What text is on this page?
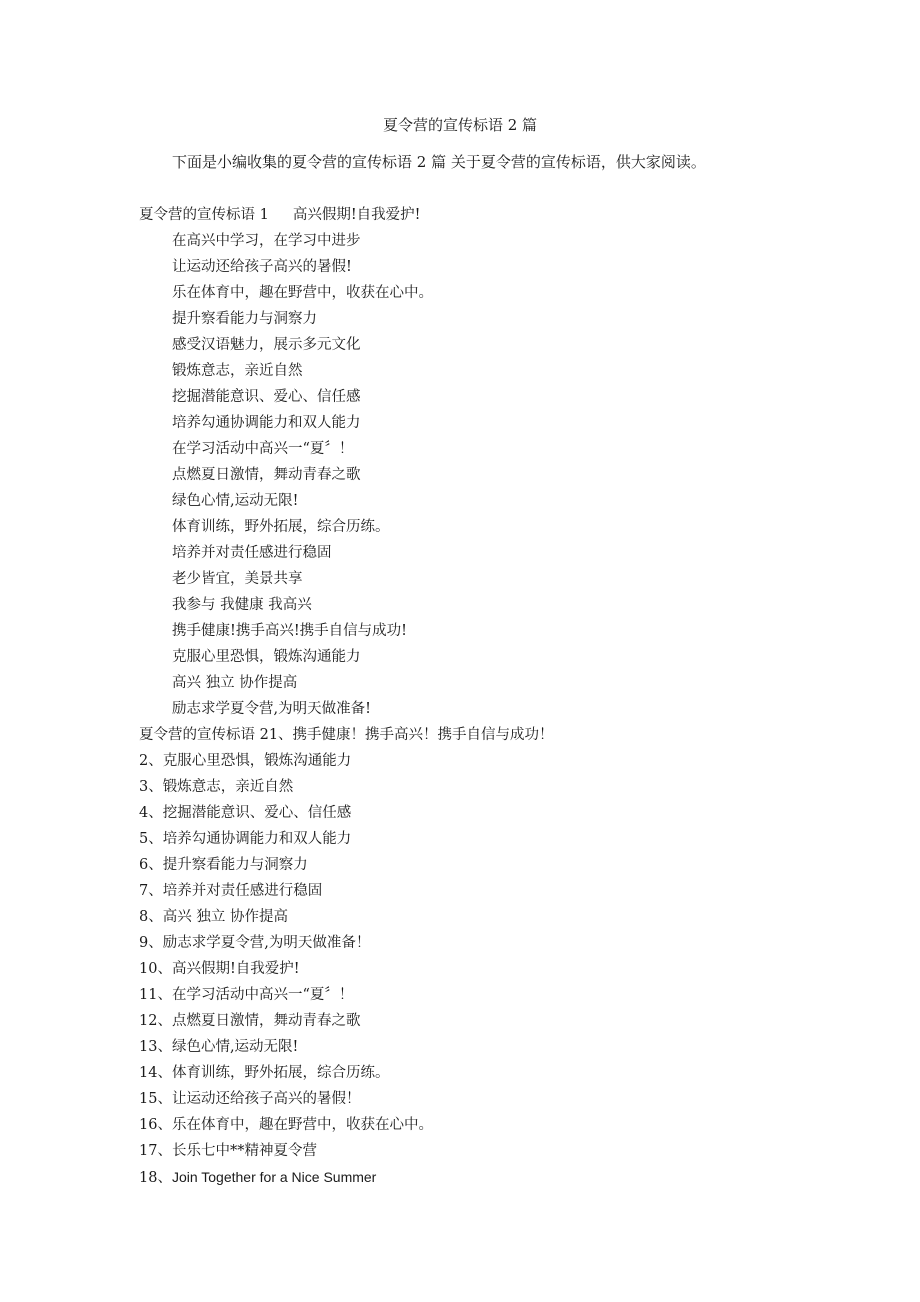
夏令营的宣传标语 2 篇
下面是小编收集的夏令营的宣传标语 2 篇 关于夏令营的宣传标语，供大家阅读。
夏令营的宣传标语 1 高兴假期!自我爱护!
在高兴中学习，在学习中进步
让运动还给孩子高兴的暑假!
乐在体育中，趣在野营中，收获在心中。
提升察看能力与洞察力
感受汉语魅力，展示多元文化
锻炼意志，亲近自然
挖掘潜能意识、爱心、信任感
培养勾通协调能力和双人能力
在学习活动中高兴一“夏〞！
点燃夏日激情，舞动青春之歌
绿色心情,运动无限!
体育训练，野外拓展，综合历练。
培养并对责任感进行稳固
老少皆宜，美景共享
我参与 我健康 我高兴
携手健康!携手高兴!携手自信与成功!
克服心里恐惧，锻炼沟通能力
高兴 独立 协作提高
励志求学夏令营,为明天做准备!
夏令营的宣传标语 21、携手健康！携手高兴！携手自信与成功！
2、克服心里恐惧，锻炼沟通能力
3、锻炼意志，亲近自然
4、挖掘潜能意识、爱心、信任感
5、培养勾通协调能力和双人能力
6、提升察看能力与洞察力
7、培养并对责任感进行稳固
8、高兴 独立 协作提高
9、励志求学夏令营,为明天做准备！
10、高兴假期!自我爱护!
11、在学习活动中高兴一“夏〞！
12、点燃夏日激情，舞动青春之歌
13、绿色心情,运动无限!
14、体育训练，野外拓展，综合历练。
15、让运动还给孩子高兴的暑假！
16、乐在体育中，趣在野营中，收获在心中。
17、长乐七中**精神夏令营
18、Join Together for a Nice Summer
